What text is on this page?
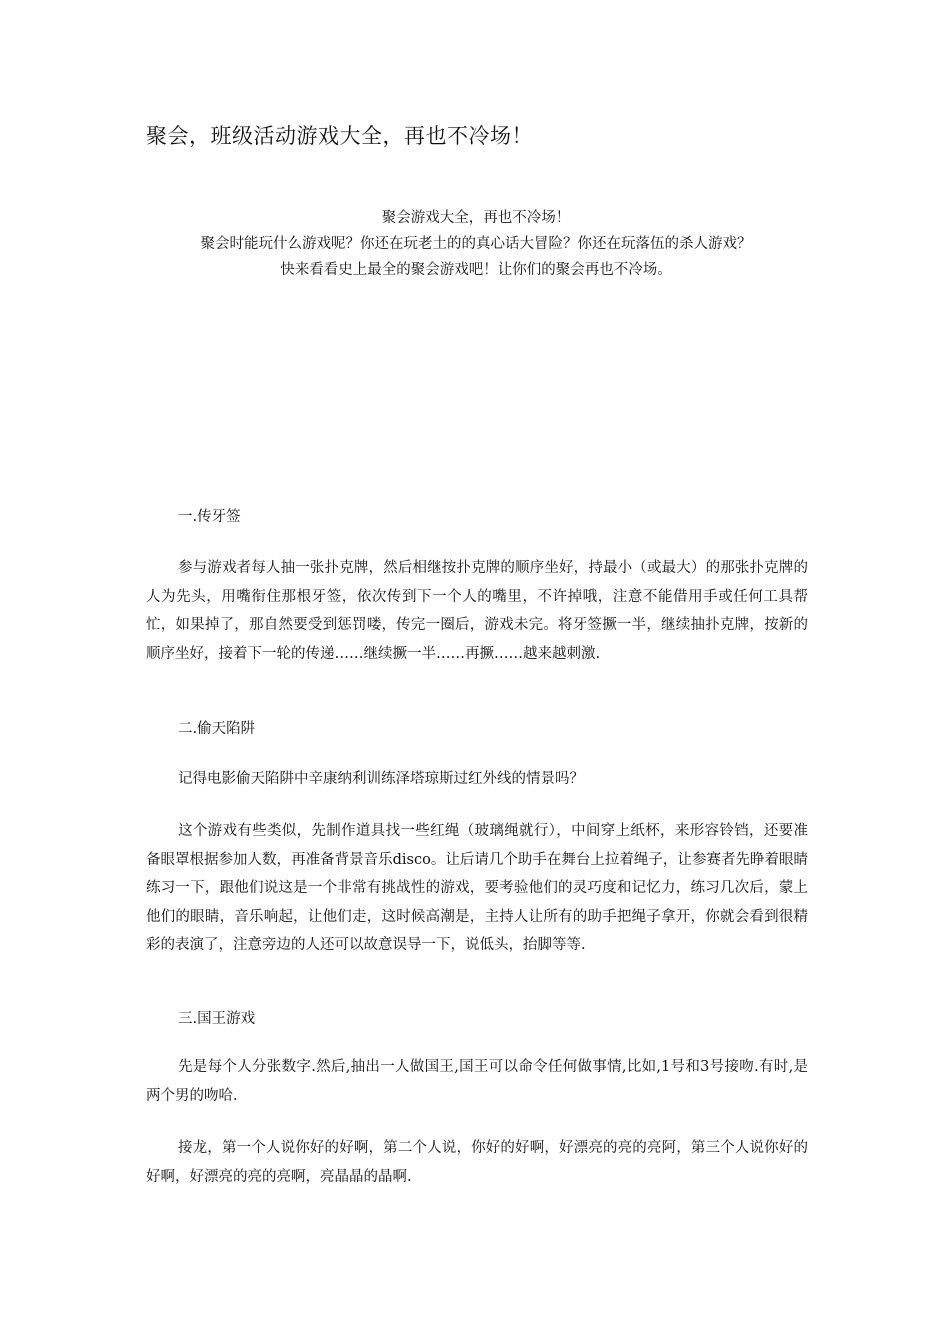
聚会，班级活动游戏大全，再也不冷场！
聚会游戏大全，再也不冷场！
聚会时能玩什么游戏呢？你还在玩老土的的真心话大冒险？你还在玩落伍的杀人游戏？
快来看看史上最全的聚会游戏吧！让你们的聚会再也不冷场。
一.传牙签

参与游戏者每人抽一张扑克牌，然后相继按扑克牌的顺序坐好，持最小（或最大）的那张扑克牌的人为先头，用嘴衔住那根牙签，依次传到下一个人的嘴里，不许掉哦，注意不能借用手或任何工具帮忙，如果掉了，那自然要受到惩罚喽，传完一圈后，游戏未完。将牙签撅一半，继续抽扑克牌，按新的顺序坐好，接着下一轮的传递……继续撅一半……再撅……越来越刺激.

二.偷天陷阱

记得电影偷天陷阱中辛康纳利训练泽塔琼斯过红外线的情景吗？

这个游戏有些类似，先制作道具找一些红绳（玻璃绳就行），中间穿上纸杯，来形容铃铛，还要准备眼罩根据参加人数，再准备背景音乐disco。让后请几个助手在舞台上拉着绳子，让参赛者先睁着眼睛练习一下，跟他们说这是一个非常有挑战性的游戏，要考验他们的灵巧度和记忆力，练习几次后，蒙上他们的眼睛，音乐响起，让他们走，这时候高潮是，主持人让所有的助手把绳子拿开，你就会看到很精彩的表演了，注意旁边的人还可以故意误导一下，说低头，抬脚等等.

三.国王游戏

先是每个人分张数字.然后,抽出一人做国王,国王可以命令任何做事情,比如,1号和3号接吻.有时,是两个男的吻哈.

接龙，第一个人说你好的好啊，第二个人说，你好的好啊，好漂亮的亮的亮阿，第三个人说你好的好啊，好漂亮的亮的亮啊，亮晶晶的晶啊.
